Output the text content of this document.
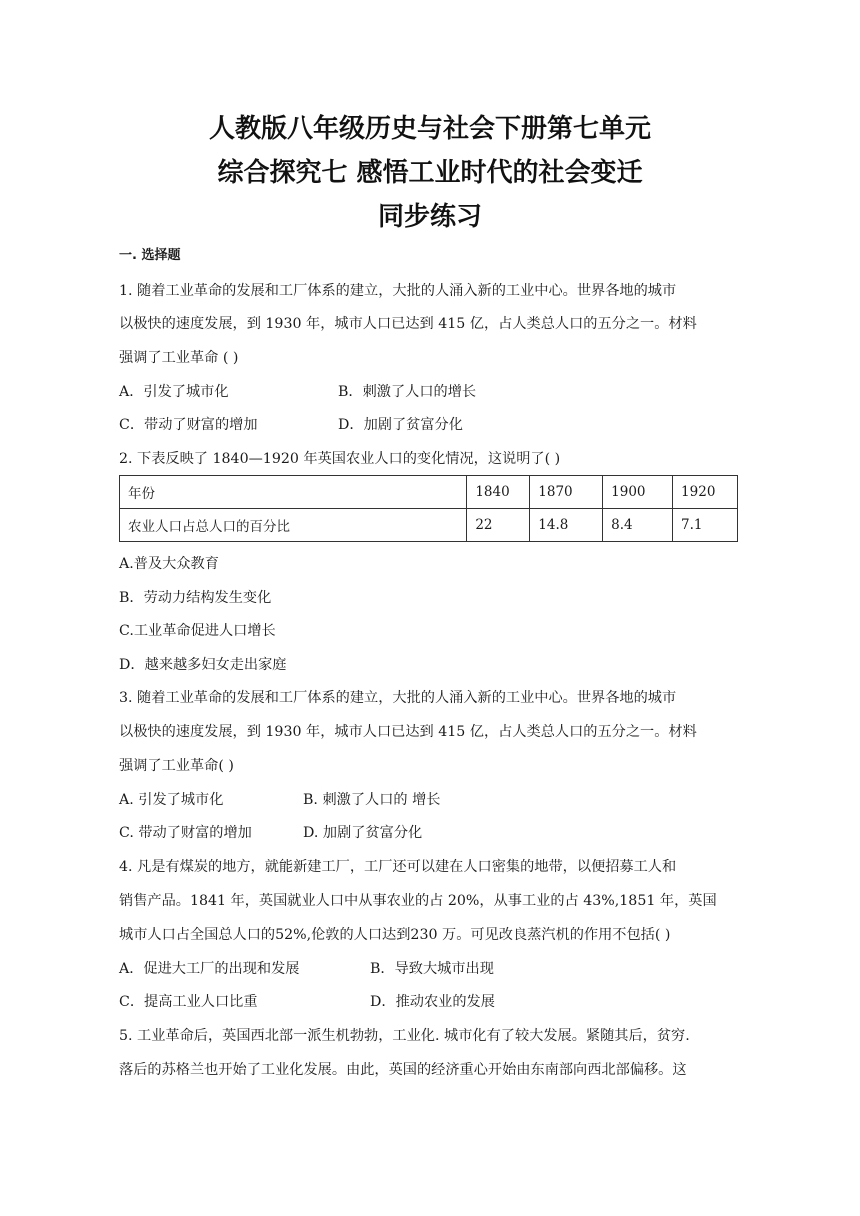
人教版八年级历史与社会下册第七单元
综合探究七 感悟工业时代的社会变迁
同步练习
一. 选择题
1. 随着工业革命的发展和工厂体系的建立，大批的人涌入新的工业中心。世界各地的城市
以极快的速度发展，到 1930 年，城市人口已达到 415 亿，占人类总人口的五分之一。材料
强调了工业革命 ( )
A．引发了城市化	B．刺激了人口的增长
C．带动了财富的增加	D．加剧了贫富分化
2. 下表反映了 1840—1920 年英国农业人口的变化情况，这说明了( )
年份	1840	1870	1900	1920
农业人口占总人口的百分比	22	14.8	8.4	7.1
A.普及大众教育
B．劳动力结构发生变化
C.工业革命促进人口增长
D．越来越多妇女走出家庭
3. 随着工业革命的发展和工厂体系的建立，大批的人涌入新的工业中心。世界各地的城市
以极快的速度发展，到 1930 年，城市人口已达到 415 亿，占人类总人口的五分之一。材料
强调了工业革命( )
A. 引发了城市化	B. 刺激了人口的 增长
C. 带动了财富的增加	D. 加剧了贫富分化
4. 凡是有煤炭的地方，就能新建工厂，工厂还可以建在人口密集的地带，以便招募工人和
销售产品。1841 年，英国就业人口中从事农业的占 20%，从事工业的占 43%,1851 年，英国
城市人口占全国总人口的52%,伦敦的人口达到230 万。可见改良蒸汽机的作用不包括( )
A．促进大工厂的出现和发展	B．导致大城市出现
C．提高工业人口比重	D．推动农业的发展
5. 工业革命后，英国西北部一派生机勃勃，工业化. 城市化有了较大发展。紧随其后，贫穷.
落后的苏格兰也开始了工业化发展。由此，英国的经济重心开始由东南部向西北部偏移。这
